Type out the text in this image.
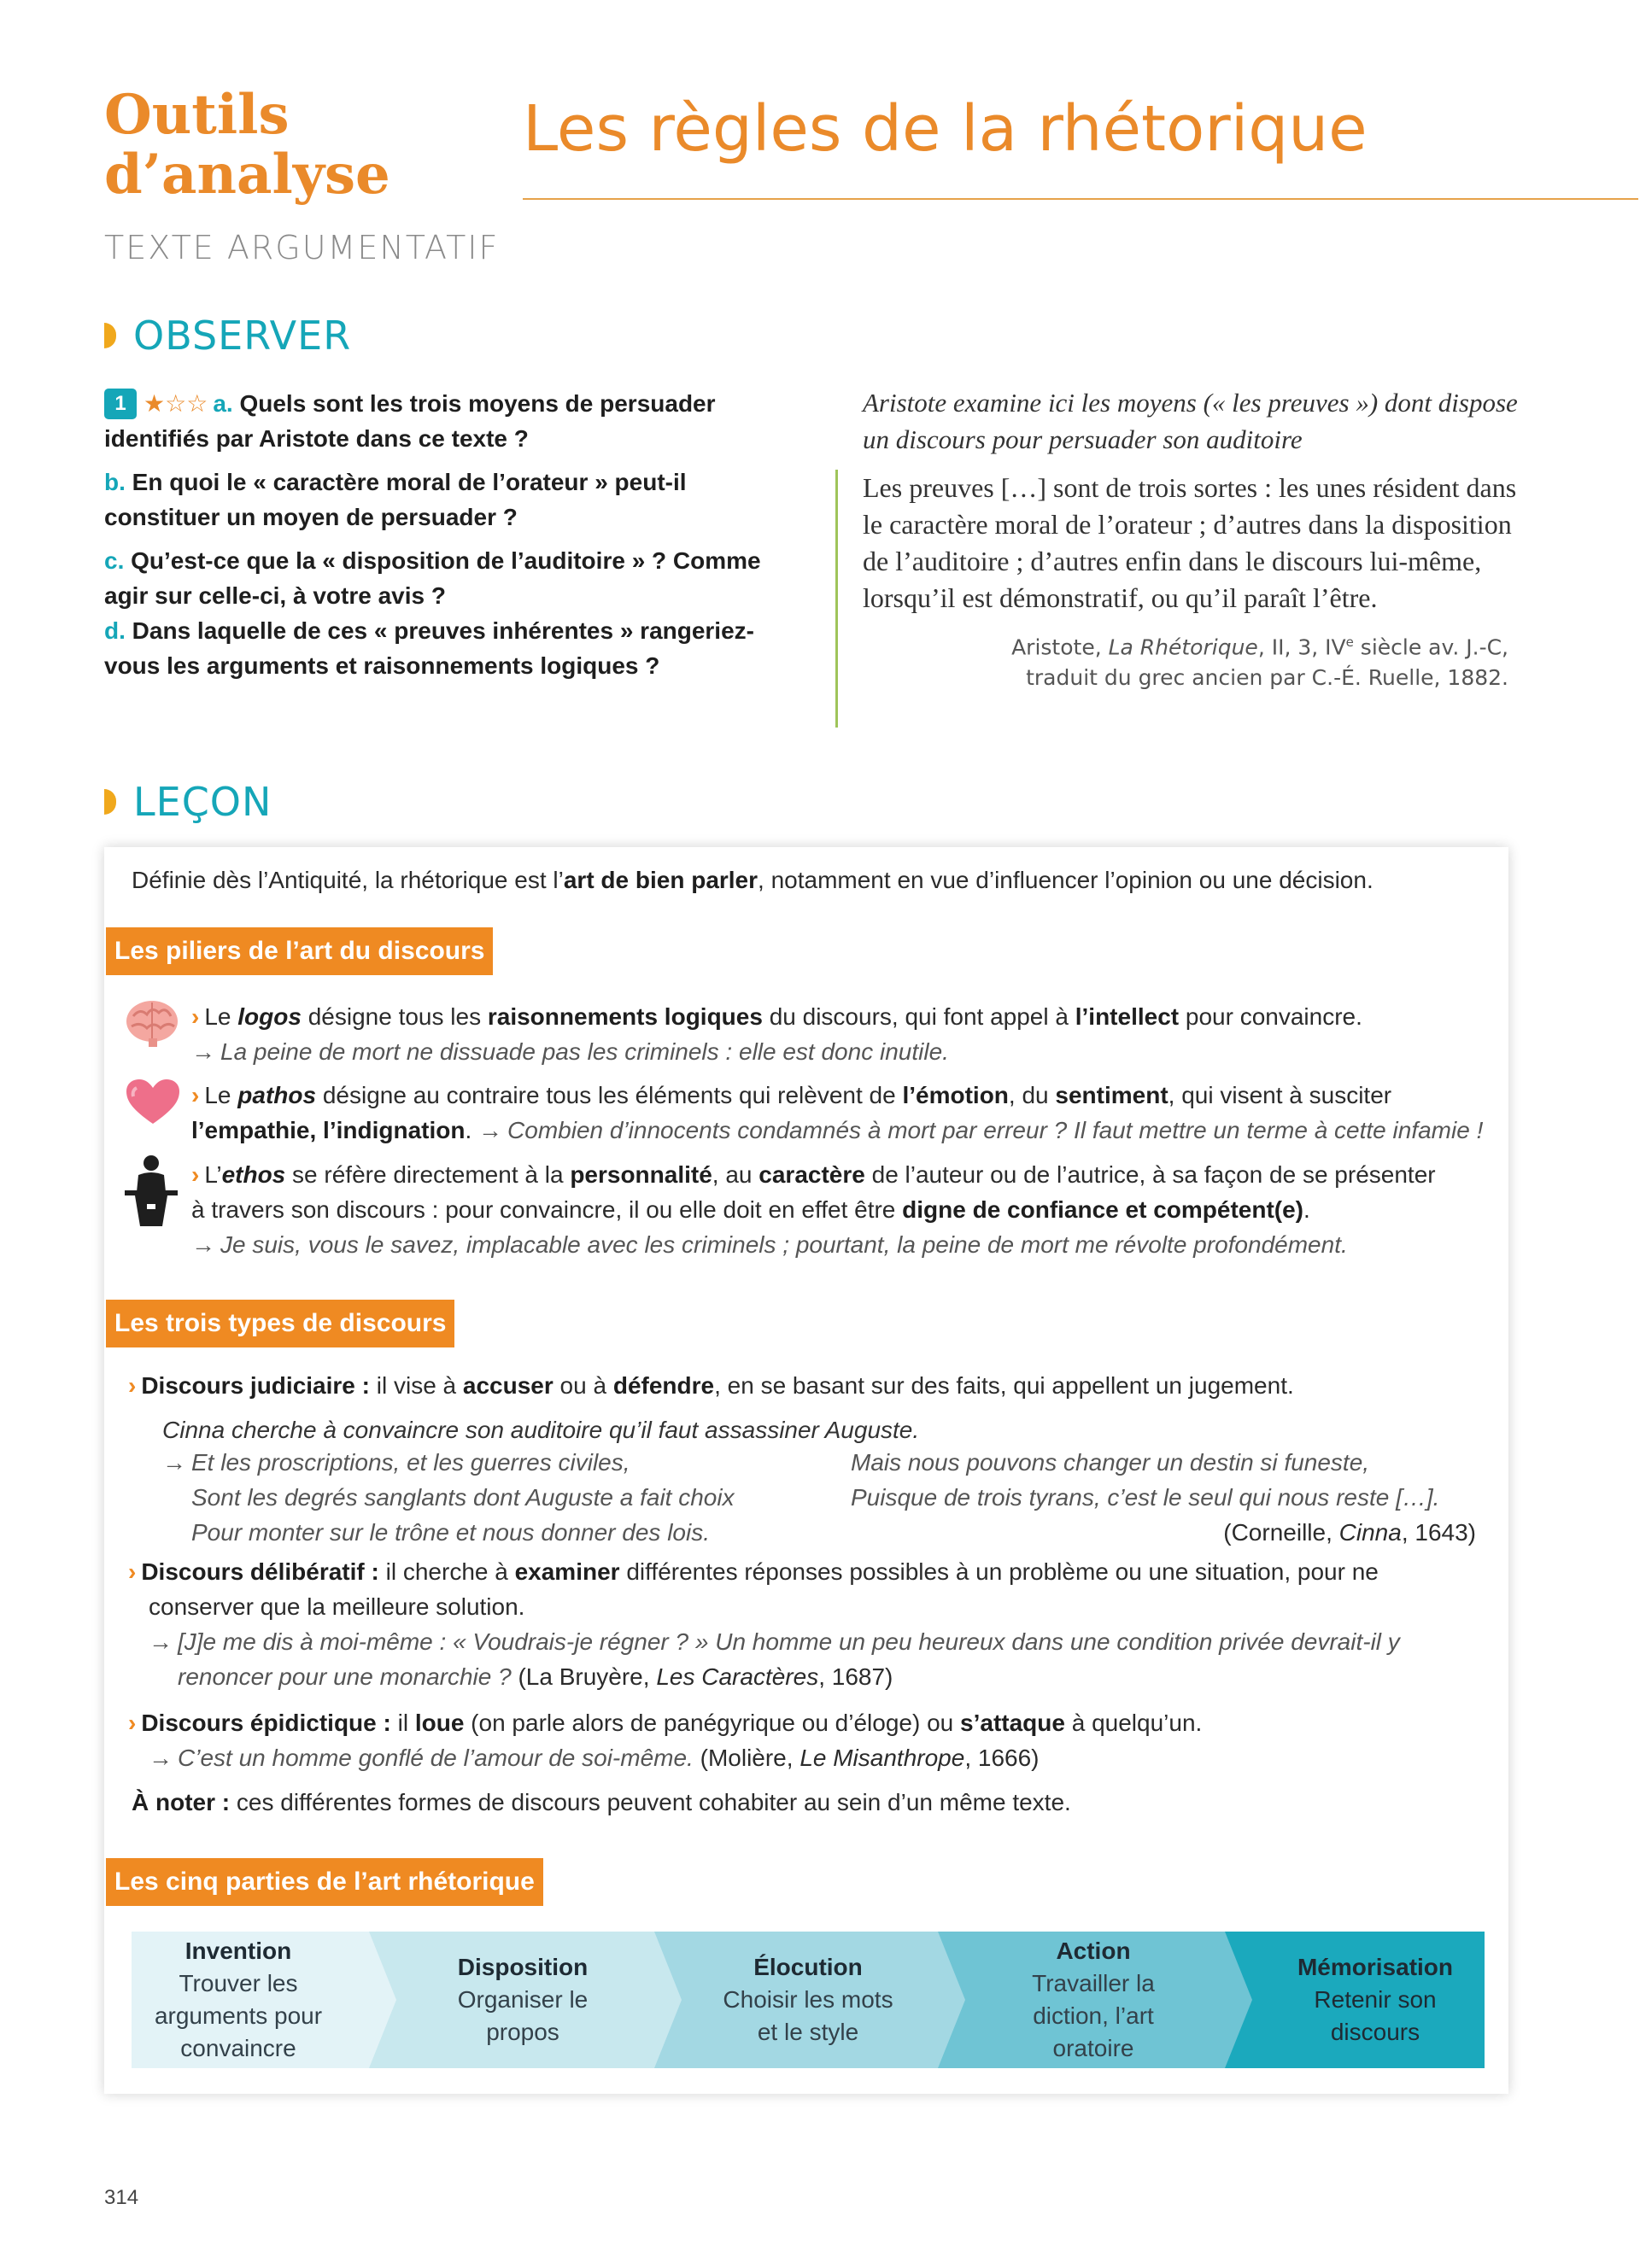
Outils
d’analyse
TEXTE ARGUMENTATIF
Les règles de la rhétorique
OBSERVER
1 ★☆☆ a. Quels sont les trois moyens de persuader identifiés par Aristote dans ce texte ?
b. En quoi le « caractère moral de l’orateur » peut-il constituer un moyen de persuader ?
c. Qu’est-ce que la « disposition de l’auditoire » ? Comme agir sur celle-ci, à votre avis ?
d. Dans laquelle de ces « preuves inhérentes » rangeriez-vous les arguments et raisonnements logiques ?
Aristote examine ici les moyens (« les preuves ») dont dispose un discours pour persuader son auditoire
Les preuves […] sont de trois sortes : les unes résident dans le caractère moral de l’orateur ; d’autres dans la disposition de l’auditoire ; d’autres enfin dans le discours lui-même, lorsqu’il est démonstratif, ou qu’il paraît l’être.
Aristote, La Rhétorique, II, 3, IVe siècle av. J.-C,
traduit du grec ancien par C.-É. Ruelle, 1882.
LEÇON
Définie dès l’Antiquité, la rhétorique est l’art de bien parler, notamment en vue d’influencer l’opinion ou une décision.
Les piliers de l’art du discours
› Le logos désigne tous les raisonnements logiques du discours, qui font appel à l’intellect pour convaincre.
→ La peine de mort ne dissuade pas les criminels : elle est donc inutile.
› Le pathos désigne au contraire tous les éléments qui relèvent de l’émotion, du sentiment, qui visent à susciter
l’empathie, l’indignation. → Combien d’innocents condamnés à mort par erreur ? Il faut mettre un terme à cette infamie !
› L’ethos se réfère directement à la personnalité, au caractère de l’auteur ou de l’autrice, à sa façon de se présenter
à travers son discours : pour convaincre, il ou elle doit en effet être digne de confiance et compétent(e).
→ Je suis, vous le savez, implacable avec les criminels ; pourtant, la peine de mort me révolte profondément.
Les trois types de discours
› Discours judiciaire : il vise à accuser ou à défendre, en se basant sur des faits, qui appellent un jugement.
Cinna cherche à convaincre son auditoire qu’il faut assassiner Auguste.
→ Et les proscriptions, et les guerres civiles,
Sont les degrés sanglants dont Auguste a fait choix
Pour monter sur le trône et nous donner des lois.
Mais nous pouvons changer un destin si funeste,
Puisque de trois tyrans, c’est le seul qui nous reste […].
(Corneille, Cinna, 1643)
› Discours délibératif : il cherche à examiner différentes réponses possibles à un problème ou une situation, pour ne
conserver que la meilleure solution.
→ [J]e me dis à moi-même : « Voudrais-je régner ? » Un homme un peu heureux dans une condition privée devrait-il y
renoncer pour une monarchie ? (La Bruyère, Les Caractères, 1687)
› Discours épidictique : il loue (on parle alors de panégyrique ou d’éloge) ou s’attaque à quelqu’un.
→ C’est un homme gonflé de l’amour de soi-même. (Molière, Le Misanthrope, 1666)
À noter : ces différentes formes de discours peuvent cohabiter au sein d’un même texte.
Les cinq parties de l’art rhétorique
Invention
Trouver les
arguments pour
convaincre
Disposition
Organiser le
propos
Élocution
Choisir les mots
et le style
Action
Travailler la
diction, l’art
oratoire
Mémorisation
Retenir son
discours
314
